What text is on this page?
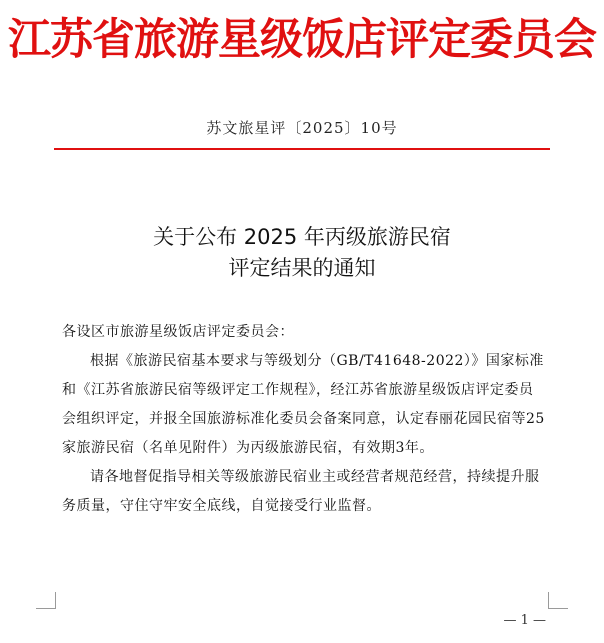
江苏省旅游星级饭店评定委员会
苏文旅星评〔2025〕10号
关于公布 2025 年丙级旅游民宿
评定结果的通知

各设区市旅游星级饭店评定委员会：

根据《旅游民宿基本要求与等级划分（GB/T41648-2022）》国家标准和《江苏省旅游民宿等级评定工作规程》，经江苏省旅游星级饭店评定委员会组织评定，并报全国旅游标准化委员会备案同意，认定春丽花园民宿等25家旅游民宿（名单见附件）为丙级旅游民宿，有效期3年。

请各地督促指导相关等级旅游民宿业主或经营者规范经营，持续提升服务质量，守住守牢安全底线，自觉接受行业监督。

— 1 —
